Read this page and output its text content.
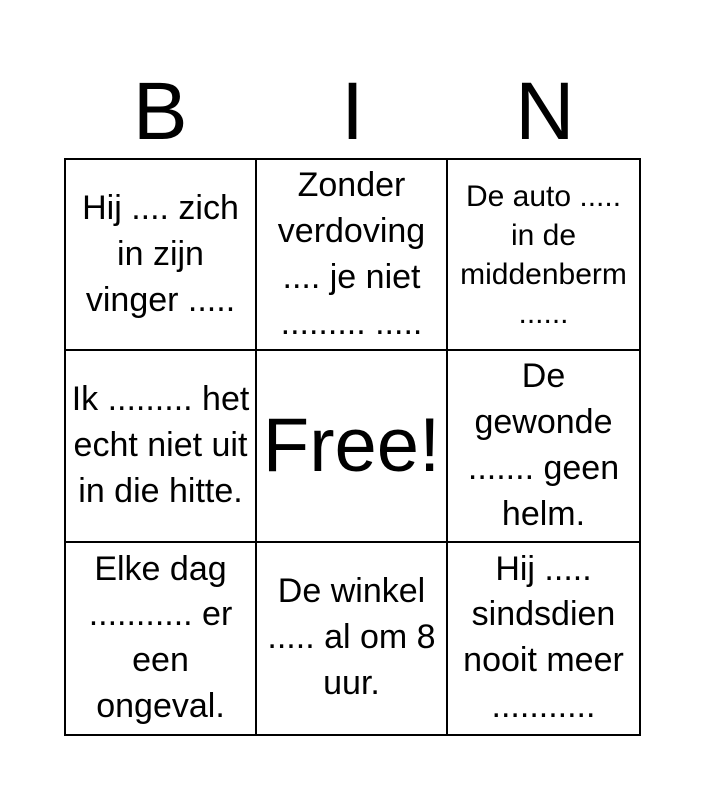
B	I	N
Hij .... zich in zijn vinger .....
Zonder verdoving .... je niet ......... .....
De auto ..... in de middenberm ......
Ik ......... het echt niet uit in die hitte.
Free!
De gewonde ....... geen helm.
Elke dag ........... er een ongeval.
De winkel ..... al om 8 uur.
Hij ..... sindsdien nooit meer ...........
